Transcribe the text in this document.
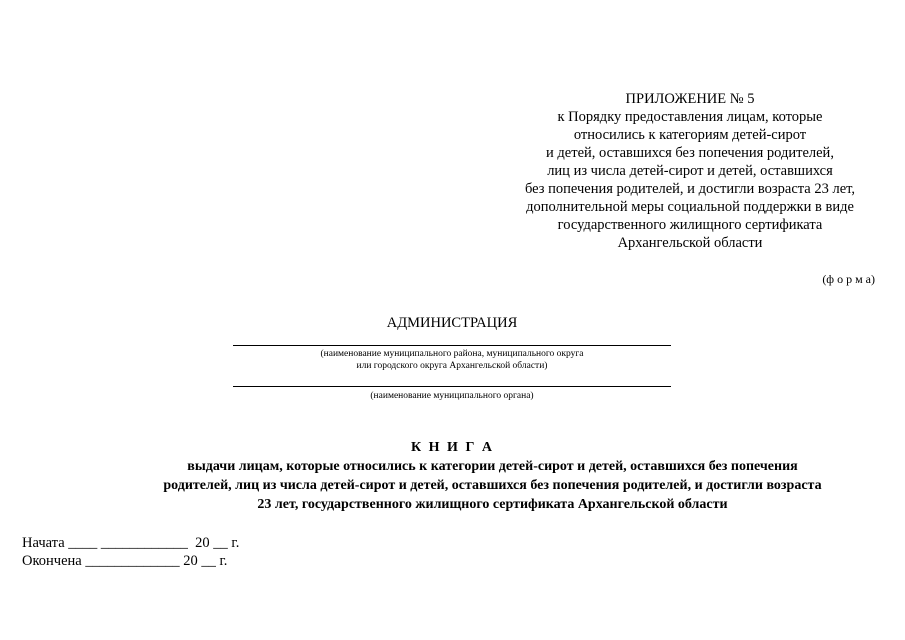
ПРИЛОЖЕНИЕ № 5
к Порядку предоставления лицам, которые
относились к категориям детей-сирот
и детей, оставшихся без попечения родителей,
лиц из числа детей-сирот и детей, оставшихся
без попечения родителей, и достигли возраста 23 лет,
дополнительной меры социальной поддержки в виде
государственного жилищного сертификата
Архангельской области
(ф о р м а)
АДМИНИСТРАЦИЯ
(наименование муниципального района, муниципального округа
или городского округа Архангельской области)
(наименование муниципального органа)
К Н И Г А
выдачи лицам, которые относились к категории детей-сирот и детей, оставшихся без попечения
родителей, лиц из числа детей-сирот и детей, оставшихся без попечения родителей, и достигли возраста
23 лет, государственного жилищного сертификата Архангельской области
Начата ____ ____________  20 __ г.
Окончена _____________ 20 __ г.
